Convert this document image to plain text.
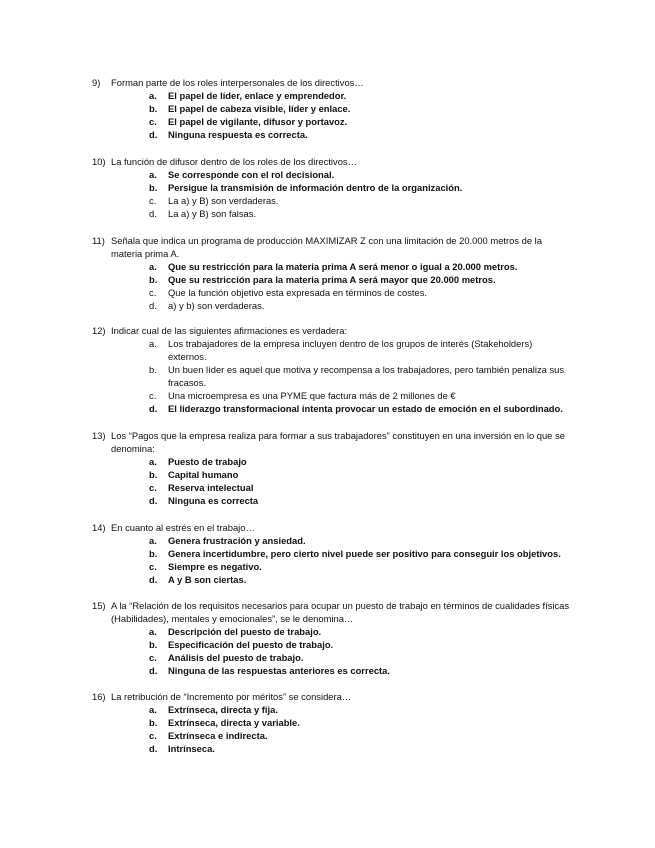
9)	Forman parte de los roles interpersonales de los directivos…
a.	El papel de líder, enlace y emprendedor.
b.	El papel de cabeza visible, líder y enlace.
c.	El papel de vigilante, difusor y portavoz.
d.	Ninguna respuesta es correcta.
10) La función de difusor dentro de los roles de los directivos…
a.	Se corresponde con el rol decisional.
b.	Persigue la transmisión de información dentro de la organización.
c.	La a) y B) son verdaderas.
d.	La a) y B) son falsas.
11) Señala que indica un programa de producción MAXIMIZAR Z con una limitación de 20.000 metros de la materia prima A.
a.	Que su restricción para la materia prima A será menor o igual a 20.000 metros.
b.	Que su restricción para la materia prima A será mayor que 20.000 metros.
c.	Que la función objetivo esta expresada en términos de costes.
d.	a) y b) son verdaderas.
12) Indicar cual de las siguientes afirmaciones es verdadera:
a.	Los trabajadores de la empresa incluyen dentro de los grupos de interés (Stakeholders) externos.
b.	Un buen líder es aquel que motiva y recompensa a los trabajadores, pero también penaliza sus fracasos.
c.	Una microempresa es una PYME que factura más de 2 millones de €
d.	El liderazgo transformacional intenta provocar un estado de emoción en el subordinado.
13) Los “Pagos que la empresa realiza para formar a sus trabajadores” constituyen en una inversión en lo que se denomina:
a.	Puesto de trabajo
b.	Capital humano
c.	Reserva intelectual
d.	Ninguna es correcta
14) En cuanto al estrés en el trabajo…
a.	Genera frustración y ansiedad.
b.	Genera incertidumbre, pero cierto nivel puede ser positivo para conseguir los objetivos.
c.	Siempre es negativo.
d.	A y B son ciertas.
15) A la “Relación de los requisitos necesarios para ocupar un puesto de trabajo en términos de cualidades físicas (Habilidades), mentales y emocionales”, se le denomina…
a.	Descripción del puesto de trabajo.
b.	Especificación del puesto de trabajo.
c.	Análisis del puesto de trabajo.
d.	Ninguna de las respuestas anteriores es correcta.
16) La retribución de “Incremento por méritos” se considera…
a.	Extrínseca, directa y fija.
b.	Extrínseca, directa y variable.
c.	Extrínseca e indirecta.
d.	Intrínseca.
